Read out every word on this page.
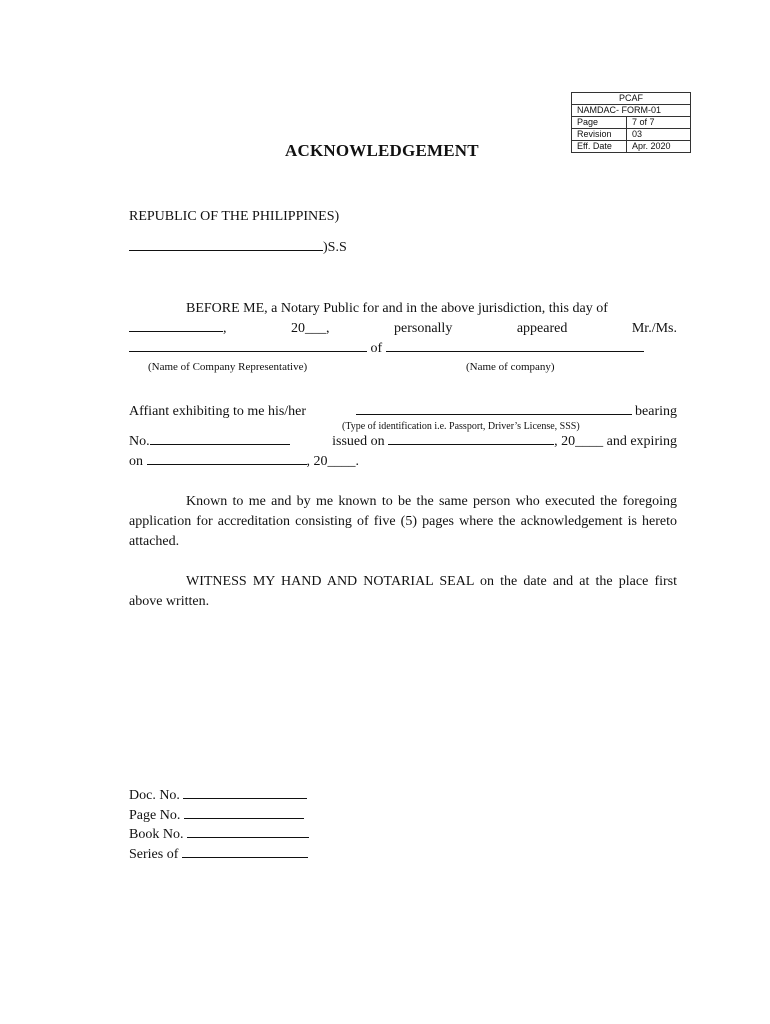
PCAF	
NAMDAC- FORM-01	
Page	7 of 7
Revision	03
Eff. Date	Apr. 2020
ACKNOWLEDGEMENT
REPUBLIC OF THE PHILIPPINES)
)S.S
BEFORE ME, a Notary Public for and in the above jurisdiction, this day of
,	20___,	personally	appeared	Mr./Ms.
of
(Name of Company Representative)	(Name of company)
Affiant exhibiting to me his/her	bearing
(Type of identification i.e. Passport, Driver’s License, SSS)
No.	issued on	, 20____ and expiring
on	, 20____.
Known to me and by me known to be the same person who executed the foregoing application for accreditation consisting of five (5) pages where the acknowledgement is hereto attached.
WITNESS MY HAND AND NOTARIAL SEAL on the date and at the place first above written.
Doc. No.
Page No.
Book No.
Series of
